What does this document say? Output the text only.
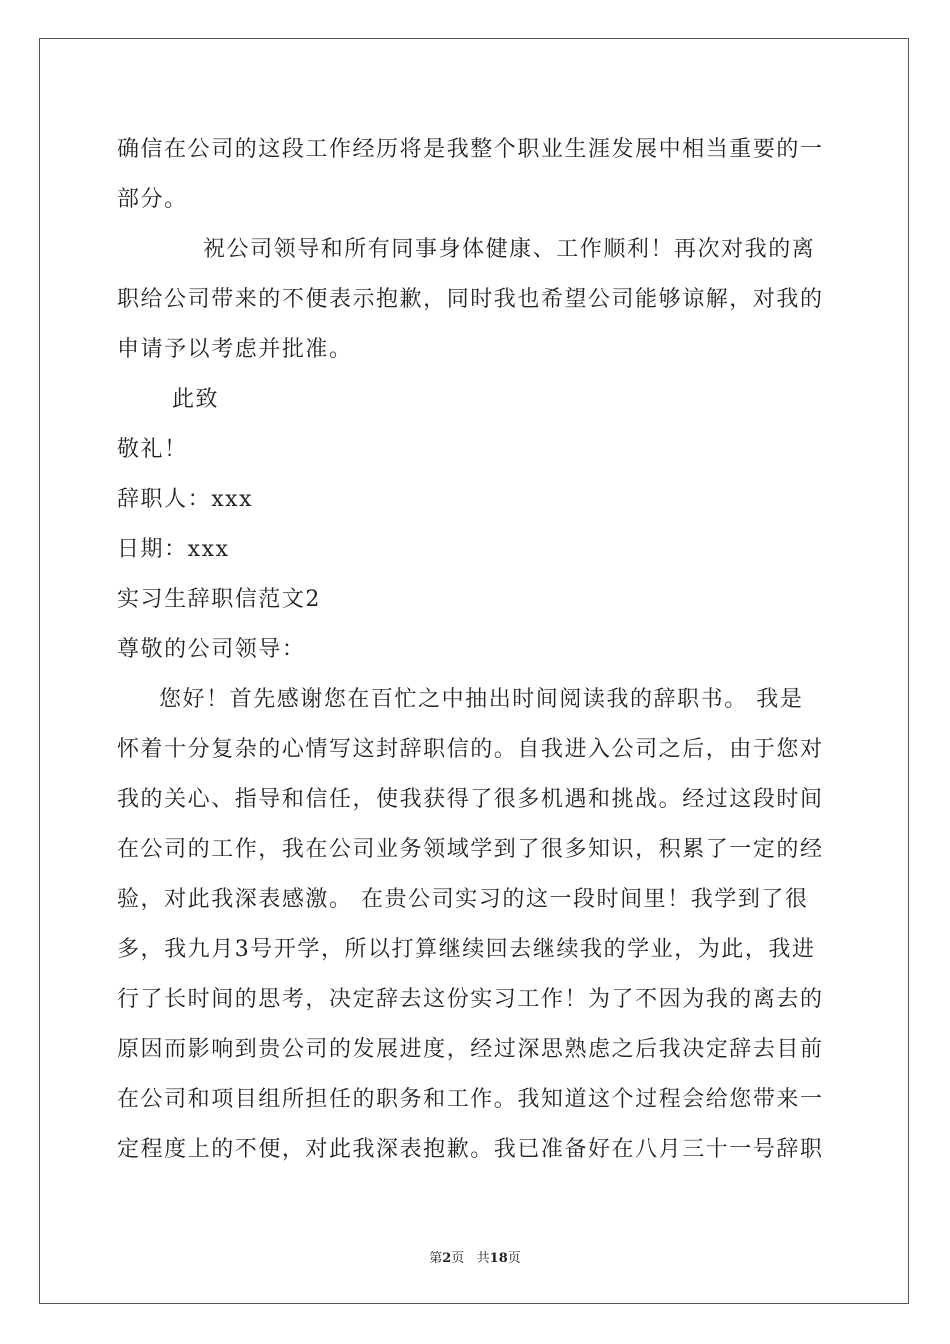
确信在公司的这段工作经历将是我整个职业生涯发展中相当重要的一

部分。

祝公司领导和所有同事身体健康、工作顺利！再次对我的离

职给公司带来的不便表示抱歉，同时我也希望公司能够谅解，对我的

申请予以考虑并批准。

此致

敬礼！

辞职人：xxx

日期：xxx

实习生辞职信范文2

尊敬的公司领导：

您好！首先感谢您在百忙之中抽出时间阅读我的辞职书。 我是

怀着十分复杂的心情写这封辞职信的。自我进入公司之后，由于您对

我的关心、指导和信任，使我获得了很多机遇和挑战。经过这段时间

在公司的工作，我在公司业务领域学到了很多知识，积累了一定的经

验，对此我深表感激。 在贵公司实习的这一段时间里！我学到了很

多，我九月3号开学，所以打算继续回去继续我的学业，为此，我进

行了长时间的思考，决定辞去这份实习工作！为了不因为我的离去的

原因而影响到贵公司的发展进度，经过深思熟虑之后我决定辞去目前

在公司和项目组所担任的职务和工作。我知道这个过程会给您带来一

定程度上的不便，对此我深表抱歉。我已准备好在八月三十一号辞职

第2页   共18页
